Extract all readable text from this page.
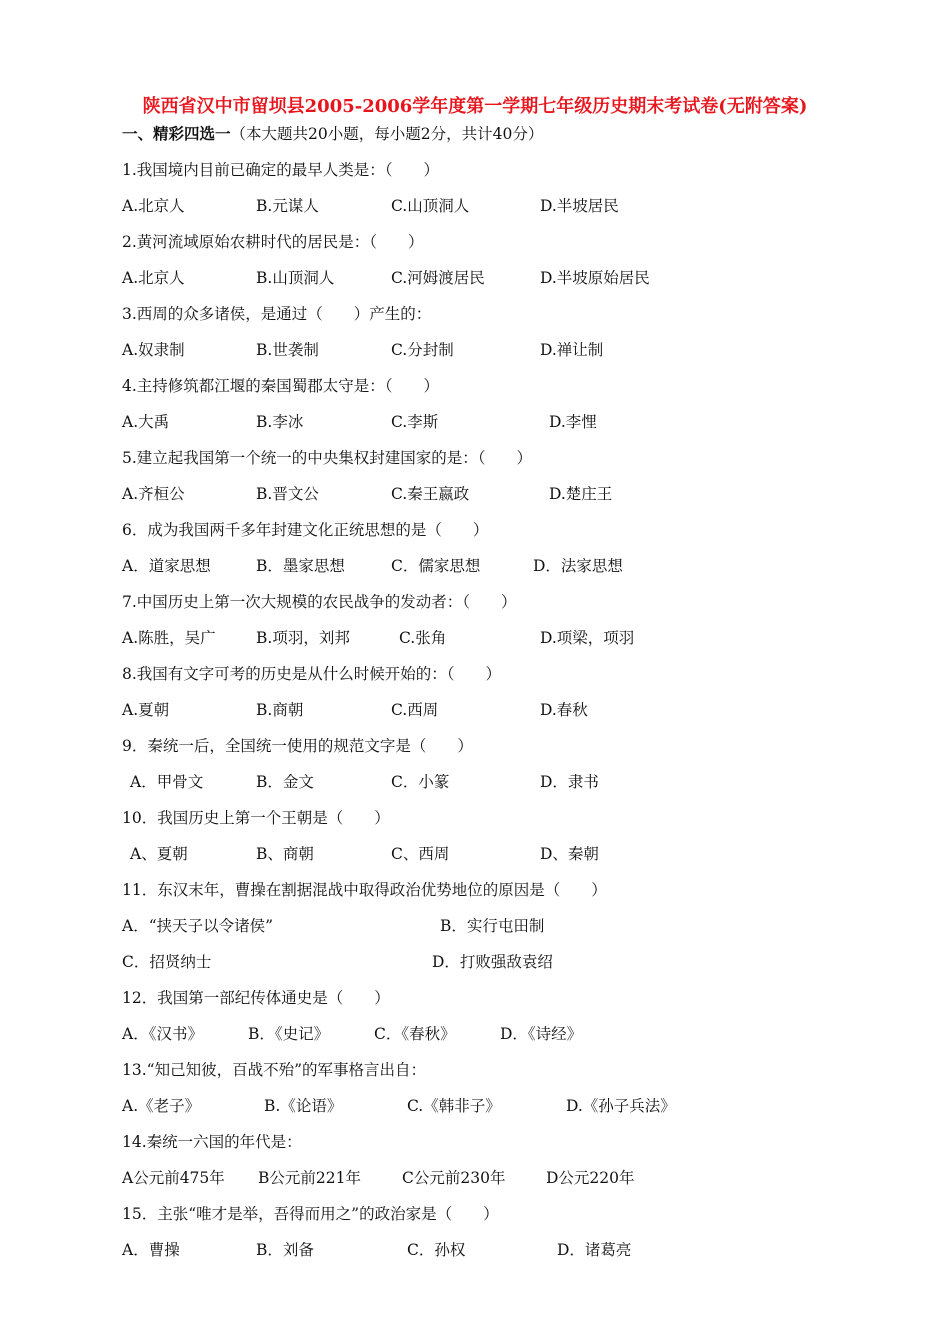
陕西省汉中市留坝县2005-2006学年度第一学期七年级历史期末考试卷(无附答案)
一、精彩四选一（本大题共20小题，每小题2分，共计40分）
1.我国境内目前已确定的最早人类是：（　　）
A.北京人	B.元谋人	C.山顶洞人	D.半坡居民
2.黄河流域原始农耕时代的居民是：（　　）
A.北京人	B.山顶洞人	C.河姆渡居民	D.半坡原始居民
3.西周的众多诸侯，是通过（　　）产生的：
A.奴隶制	B.世袭制	C.分封制	D.禅让制
4.主持修筑都江堰的秦国蜀郡太守是：（　　）
A.大禹	B.李冰	C.李斯	D.李悝
5.建立起我国第一个统一的中央集权封建国家的是：（　　）
A.齐桓公	B.晋文公	C.秦王嬴政	D.楚庄王
6．成为我国两千多年封建文化正统思想的是（　　）
A．道家思想	B．墨家思想	C．儒家思想	D．法家思想
7.中国历史上第一次大规模的农民战争的发动者：（　　）
A.陈胜，吴广	B.项羽，刘邦	C.张角	D.项梁，项羽
8.我国有文字可考的历史是从什么时候开始的：（　　）
A.夏朝	B.商朝	C.西周	D.春秋
9．秦统一后，全国统一使用的规范文字是（　　）
A．甲骨文	B．金文	C．小篆	D．隶书
10．我国历史上第一个王朝是（　　）
A、夏朝	B、商朝	C、西周	D、秦朝
11．东汉末年，曹操在割据混战中取得政治优势地位的原因是（　　）
A．“挟天子以令诸侯”	B．实行屯田制
C．招贤纳士	D．打败强敌袁绍
12．我国第一部纪传体通史是（　　）
A．《汉书》	B．《史记》	C．《春秋》	D．《诗经》
13.“知己知彼，百战不殆”的军事格言出自：
A.《老子》	B.《论语》	C.《韩非子》	D.《孙子兵法》
14.秦统一六国的年代是：
A公元前475年 B公元前221年	C公元前230年	D公元220年
15．主张“唯才是举，吾得而用之”的政治家是（　　）
A．曹操	B．刘备	C．孙权	D．诸葛亮
